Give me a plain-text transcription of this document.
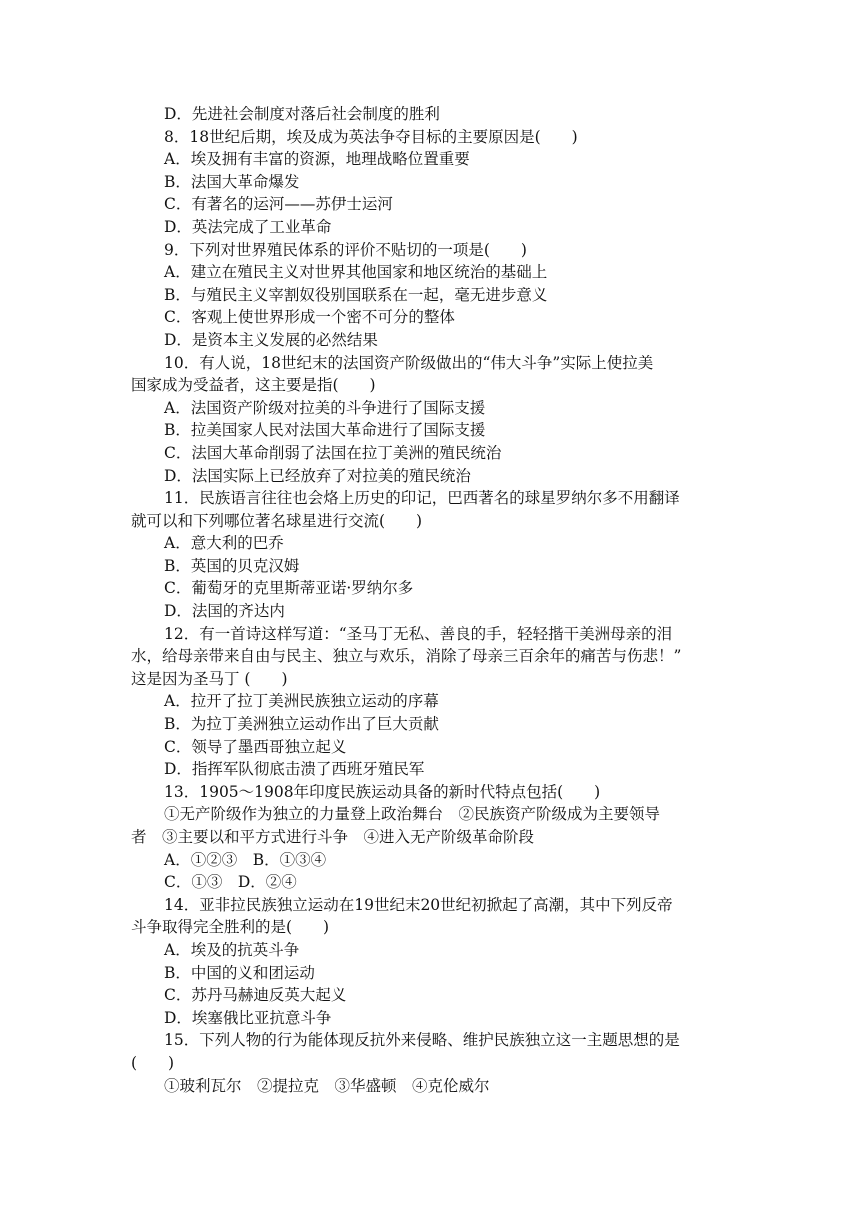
D．先进社会制度对落后社会制度的胜利
8．18世纪后期，埃及成为英法争夺目标的主要原因是(　　)
A．埃及拥有丰富的资源，地理战略位置重要
B．法国大革命爆发
C．有著名的运河——苏伊士运河
D．英法完成了工业革命
9．下列对世界殖民体系的评价不贴切的一项是(　　)
A．建立在殖民主义对世界其他国家和地区统治的基础上
B．与殖民主义宰割奴役别国联系在一起，毫无进步意义
C．客观上使世界形成一个密不可分的整体
D．是资本主义发展的必然结果
10．有人说，18世纪末的法国资产阶级做出的“伟大斗争”实际上使拉美
国家成为受益者，这主要是指(　　)
A．法国资产阶级对拉美的斗争进行了国际支援
B．拉美国家人民对法国大革命进行了国际支援
C．法国大革命削弱了法国在拉丁美洲的殖民统治
D．法国实际上已经放弃了对拉美的殖民统治
11．民族语言往往也会烙上历史的印记，巴西著名的球星罗纳尔多不用翻译
就可以和下列哪位著名球星进行交流(　　)
A．意大利的巴乔
B．英国的贝克汉姆
C．葡萄牙的克里斯蒂亚诺·罗纳尔多
D．法国的齐达内
12．有一首诗这样写道：“圣马丁无私、善良的手，轻轻揩干美洲母亲的泪
水，给母亲带来自由与民主、独立与欢乐，消除了母亲三百余年的痛苦与伤悲！”
这是因为圣马丁 (　　)
A．拉开了拉丁美洲民族独立运动的序幕
B．为拉丁美洲独立运动作出了巨大贡献
C．领导了墨西哥独立起义
D．指挥军队彻底击溃了西班牙殖民军
13．1905～1908年印度民族运动具备的新时代特点包括(　　)
①无产阶级作为独立的力量登上政治舞台　②民族资产阶级成为主要领导
者　③主要以和平方式进行斗争　④进入无产阶级革命阶段
A．①②③　B．①③④
C．①③　D．②④
14．亚非拉民族独立运动在19世纪末20世纪初掀起了高潮，其中下列反帝
斗争取得完全胜利的是(　　)
A．埃及的抗英斗争
B．中国的义和团运动
C．苏丹马赫迪反英大起义
D．埃塞俄比亚抗意斗争
15．下列人物的行为能体现反抗外来侵略、维护民族独立这一主题思想的是
(　　)
①玻利瓦尔　②提拉克　③华盛顿　④克伦威尔
